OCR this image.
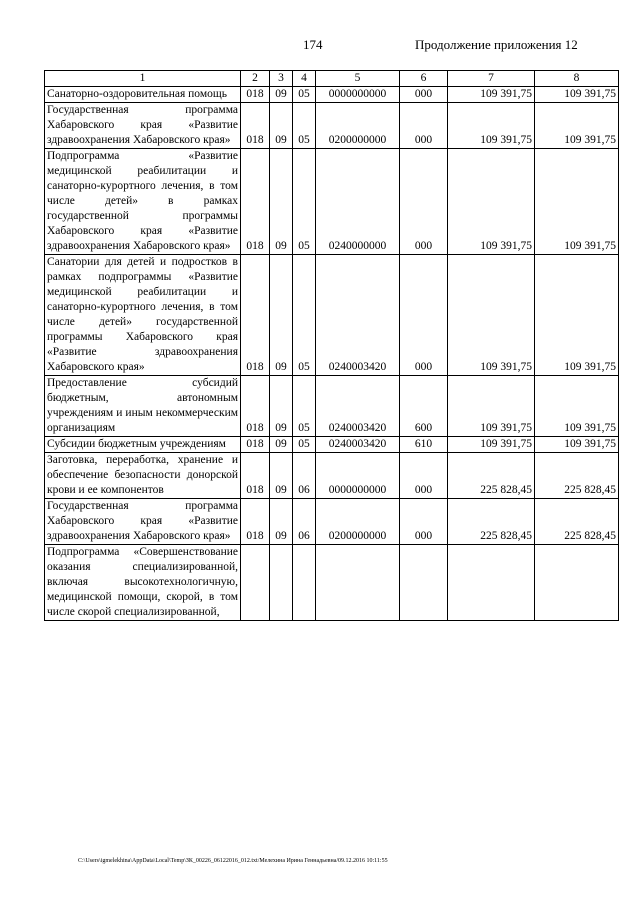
174	Продолжение приложения 12
1	2	3	4	5	6	7	8
Санаторно-оздоровительная помощь	018	09	05	0000000000	000	109 391,75	109 391,75
Государственная программа Хабаровского края «Развитие здравоохранения Хабаровского края»	018	09	05	0200000000	000	109 391,75	109 391,75
Подпрограмма «Развитие медицинской реабилитации и санаторно-курортного лечения, в том числе детей» в рамках государственной программы Хабаровского края «Развитие здравоохранения Хабаровского края»	018	09	05	0240000000	000	109 391,75	109 391,75
Санатории для детей и подростков в рамках подпрограммы «Развитие медицинской реабилитации и санаторно-курортного лечения, в том числе детей» государственной программы Хабаровского края «Развитие здравоохранения Хабаровского края»	018	09	05	0240003420	000	109 391,75	109 391,75
Предоставление субсидий бюджетным, автономным учреждениям и иным некоммерческим организациям	018	09	05	0240003420	600	109 391,75	109 391,75
Субсидии бюджетным учреждениям	018	09	05	0240003420	610	109 391,75	109 391,75
Заготовка, переработка, хранение и обеспечение безопасности донорской крови и ее компонентов	018	09	06	0000000000	000	225 828,45	225 828,45
Государственная программа Хабаровского края «Развитие здравоохранения Хабаровского края»	018	09	06	0200000000	000	225 828,45	225 828,45
Подпрограмма «Совершенствование оказания специализированной, включая высокотехнологичную, медицинской помощи, скорой, в том числе скорой специализированной,							
C:\Users\igmelekhina\AppData\Local\Temp\ЗК_00226_06122016_012.txt/Мелехина Ирина Геннадьевна/09.12.2016 10:11:55
